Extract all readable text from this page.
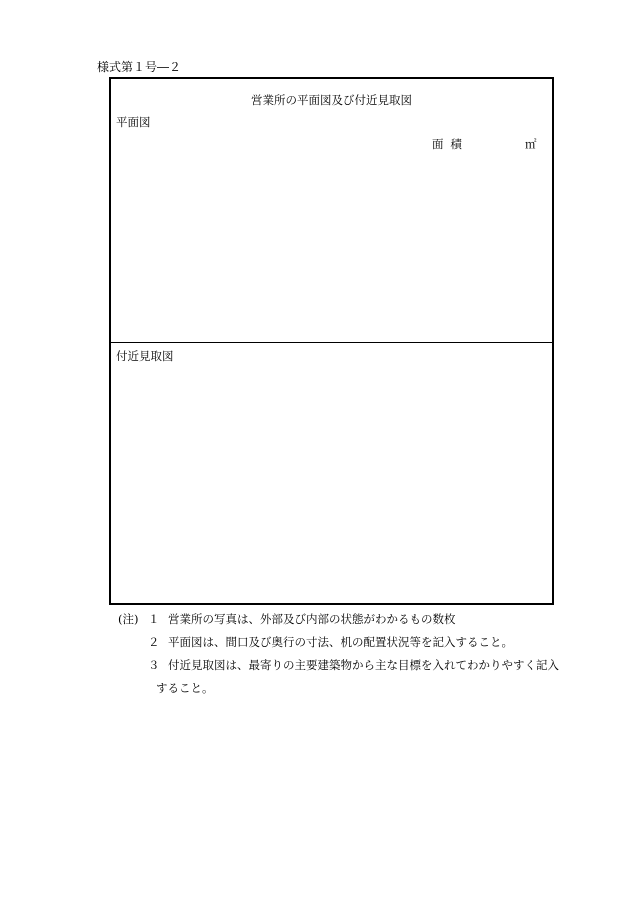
様式第１号―２
営業所の平面図及び付近見取図
平面図
面積	㎡
付近見取図
(注) １ 営業所の写真は、外部及び内部の状態がわかるもの数枚
２ 平面図は、間口及び奥行の寸法、机の配置状況等を記入すること。
３ 付近見取図は、最寄りの主要建築物から主な目標を入れてわかりやすく記入
すること。
